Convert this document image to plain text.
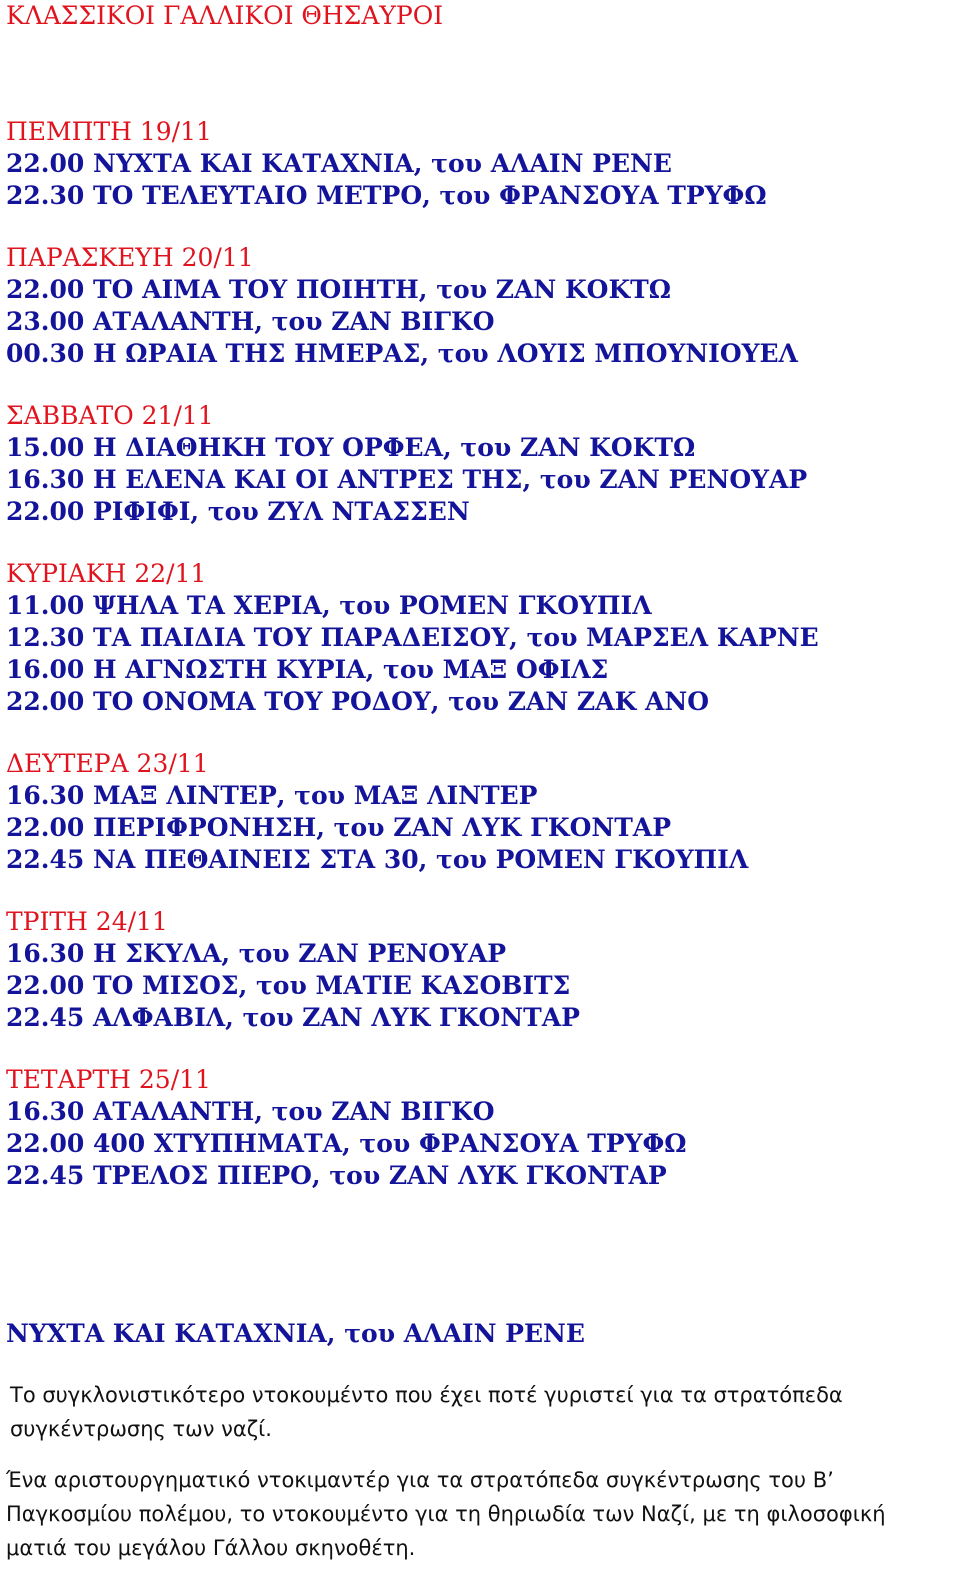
ΚΛΑΣΣΙΚΟΙ ΓΑΛΛΙΚΟΙ ΘΗΣΑΥΡΟΙ
ΠΕΜΠΤΗ 19/11
22.00 ΝΥΧΤΑ ΚΑΙ ΚΑΤΑΧΝΙΑ, του ΑΛΑΙΝ ΡΕΝΕ
22.30 ΤΟ ΤΕΛΕΥΤΑΙΟ ΜΕΤΡΟ, του ΦΡΑΝΣΟΥΑ ΤΡΥΦΩ
ΠΑΡΑΣΚΕΥΗ 20/11
22.00 ΤΟ ΑΙΜΑ ΤΟΥ ΠΟΙΗΤΗ, του ΖΑΝ ΚΟΚΤΩ
23.00 ΑΤΑΛΑΝΤΗ, του ΖΑΝ ΒΙΓΚΟ
00.30 Η ΩΡΑΙΑ ΤΗΣ ΗΜΕΡΑΣ, του ΛΟΥΙΣ ΜΠΟΥΝΙΟΥΕΛ
ΣΑΒΒΑΤΟ 21/11
15.00 Η ΔΙΑΘΗΚΗ ΤΟΥ ΟΡΦΕΑ, του ΖΑΝ ΚΟΚΤΩ
16.30 Η ΕΛΕΝΑ ΚΑΙ ΟΙ ΑΝΤΡΕΣ ΤΗΣ, του ΖΑΝ ΡΕΝΟΥΑΡ
22.00 ΡΙΦΙΦΙ, του ΖΥΛ ΝΤΑΣΣΕΝ
ΚΥΡΙΑΚΗ 22/11
11.00 ΨΗΛΑ ΤΑ ΧΕΡΙΑ, του ΡΟΜΕΝ ΓΚΟΥΠΙΛ
12.30 ΤΑ ΠΑΙΔΙΑ ΤΟΥ ΠΑΡΑΔΕΙΣΟΥ, του ΜΑΡΣΕΛ ΚΑΡΝΕ
16.00 Η ΑΓΝΩΣΤΗ ΚΥΡΙΑ, του ΜΑΞ ΟΦΙΛΣ
22.00 ΤΟ ΟΝΟΜΑ ΤΟΥ ΡΟΔΟΥ, του ΖΑΝ ΖΑΚ ΑΝΟ
ΔΕΥΤΕΡΑ 23/11
16.30 ΜΑΞ ΛΙΝΤΕΡ, του ΜΑΞ ΛΙΝΤΕΡ
22.00 ΠΕΡΙΦΡΟΝΗΣΗ, του ΖΑΝ ΛΥΚ ΓΚΟΝΤΑΡ
22.45 ΝΑ ΠΕΘΑΙΝΕΙΣ ΣΤΑ 30, του ΡΟΜΕΝ ΓΚΟΥΠΙΛ
ΤΡΙΤΗ 24/11
16.30 Η ΣΚΥΛΑ, του ΖΑΝ ΡΕΝΟΥΑΡ
22.00 ΤΟ ΜΙΣΟΣ, του ΜΑΤΙΕ ΚΑΣΟΒΙΤΣ
22.45 ΑΛΦΑΒΙΛ, του ΖΑΝ ΛΥΚ ΓΚΟΝΤΑΡ
ΤΕΤΑΡΤΗ 25/11
16.30 ΑΤΑΛΑΝΤΗ, του ΖΑΝ ΒΙΓΚΟ
22.00 400 ΧΤΥΠΗΜΑΤΑ, του ΦΡΑΝΣΟΥΑ ΤΡΥΦΩ
22.45 ΤΡΕΛΟΣ ΠΙΕΡΟ, του ΖΑΝ ΛΥΚ ΓΚΟΝΤΑΡ
ΝΥΧΤΑ ΚΑΙ ΚΑΤΑΧΝΙΑ, του ΑΛΑΙΝ ΡΕΝΕ

Το συγκλονιστικότερο ντοκουμέντο που έχει ποτέ γυριστεί για τα στρατόπεδα συγκέντρωσης των ναζί.

Ένα αριστουργηματικό ντοκιμαντέρ για τα στρατόπεδα συγκέντρωσης του Β’ Παγκοσμίου πολέμου, το ντοκουμέντο για τη θηριωδία των Ναζί, με τη φιλοσοφική ματιά του μεγάλου Γάλλου σκηνοθέτη.
